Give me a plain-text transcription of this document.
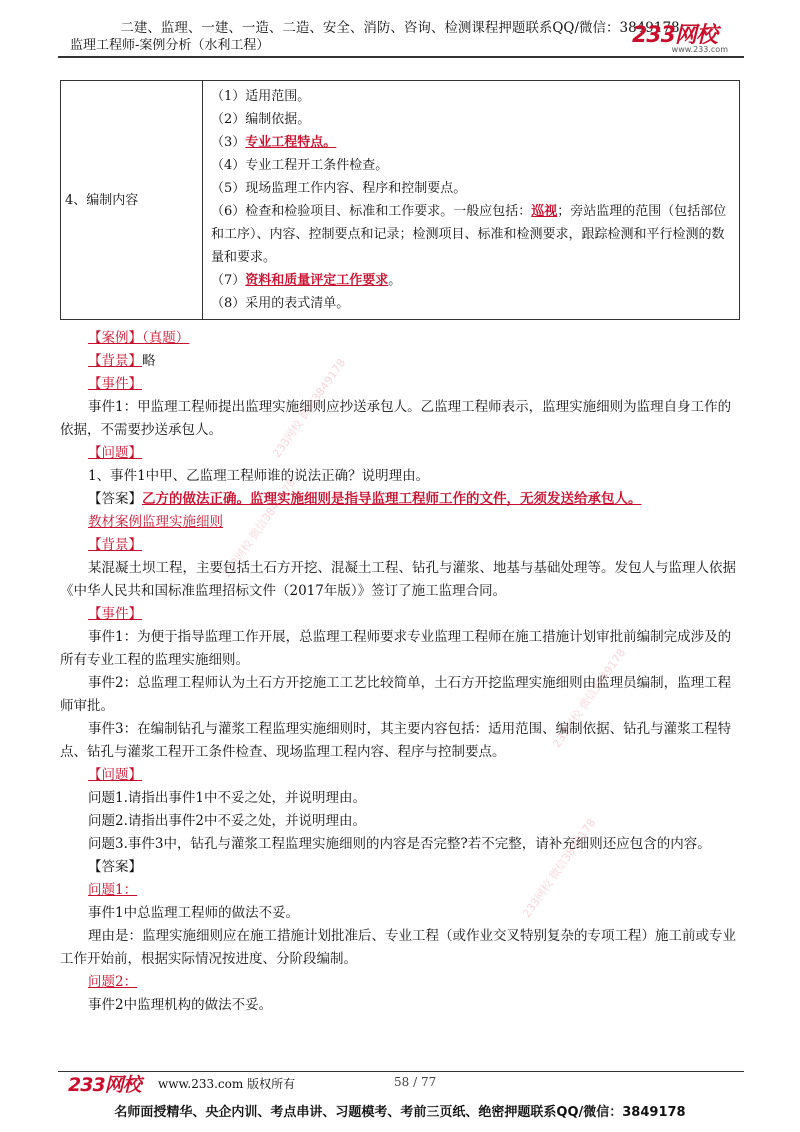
二建、监理、一建、一造、二造、安全、消防、咨询、检测课程押题联系QQ/微信：3849178
监理工程师-案例分析（水利工程）	233网校
www.233.com
4、编制内容	
（1）适用范围。
（2）编制依据。
（3）专业工程特点。
（4）专业工程开工条件检查。
（5）现场监理工作内容、程序和控制要点。
（6）检查和检验项目、标准和工作要求。一般应包括：巡视；旁站监理的范围（包括部位和工序）、内容、控制要点和记录；检测项目、标准和检测要求，跟踪检测和平行检测的数量和要求。
（7）资料和质量评定工作要求。
（8）采用的表式清单。

【案例】（真题）

【背景】略

【事件】

事件1：甲监理工程师提出监理实施细则应抄送承包人。乙监理工程师表示，监理实施细则为监理自身工作的依据，不需要抄送承包人。

【问题】

1、事件1中甲、乙监理工程师谁的说法正确？说明理由。

【答案】乙方的做法正确。监理实施细则是指导监理工程师工作的文件，无须发送给承包人。

教材案例监理实施细则

【背景】

某混凝土坝工程，主要包括土石方开挖、混凝土工程、钻孔与灌浆、地基与基础处理等。发包人与监理人依据《中华人民共和国标准监理招标文件（2017年版）》签订了施工监理合同。

【事件】

事件1：为便于指导监理工作开展，总监理工程师要求专业监理工程师在施工措施计划审批前编制完成涉及的所有专业工程的监理实施细则。

事件2：总监理工程师认为土石方开挖施工工艺比较简单，土石方开挖监理实施细则由监理员编制，监理工程师审批。

事件3：在编制钻孔与灌浆工程监理实施细则时，其主要内容包括：适用范围、编制依据、钻孔与灌浆工程特点、钻孔与灌浆工程开工条件检查、现场监理工程内容、程序与控制要点。

【问题】

问题1.请指出事件1中不妥之处，并说明理由。

问题2.请指出事件2中不妥之处，并说明理由。

问题3.事件3中，钻孔与灌浆工程监理实施细则的内容是否完整?若不完整，请补充细则还应包含的内容。

【答案】

问题1：

事件1中总监理工程师的做法不妥。

理由是：监理实施细则应在施工措施计划批准后、专业工程（或作业交叉特别复杂的专项工程）施工前或专业工作开始前，根据实际情况按进度、分阶段编制。

问题2：

事件2中监理机构的做法不妥。

233网校 微信3849178
233网校 微信3849178
233网校 微信3849178
233网校 微信3849178
233网校 www.233.com 版权所有	58 / 77
名师面授精华、央企内训、考点串讲、习题模考、考前三页纸、绝密押题联系QQ/微信：3849178
